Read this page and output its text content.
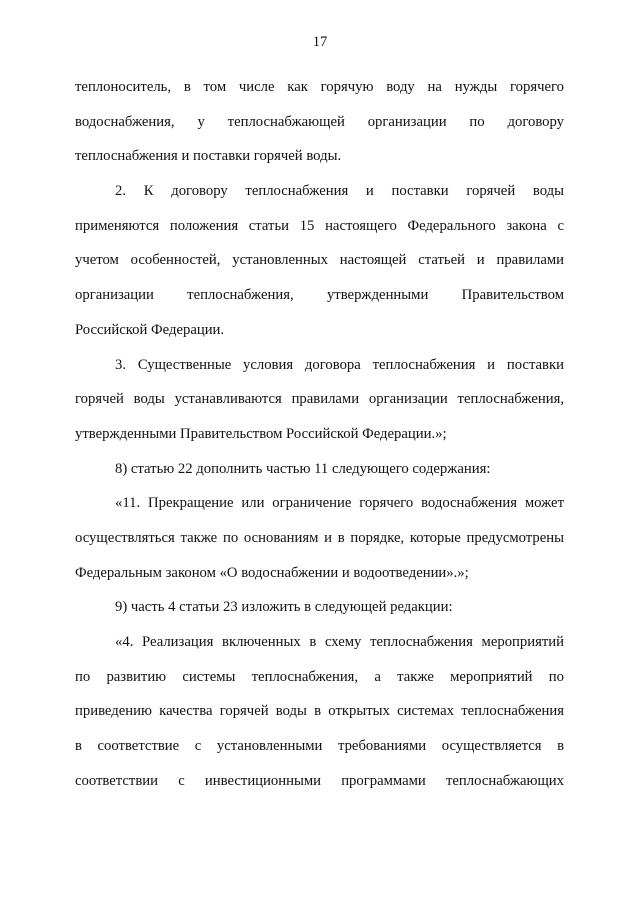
17
теплоноситель, в том числе как горячую воду на нужды горячего
водоснабжения, у теплоснабжающей организации по договору
теплоснабжения и поставки горячей воды.
2. К договору теплоснабжения и поставки горячей воды
применяются положения статьи 15 настоящего Федерального закона с
учетом особенностей, установленных настоящей статьей и правилами
организации теплоснабжения, утвержденными Правительством
Российской Федерации.
3. Существенные условия договора теплоснабжения и поставки
горячей воды устанавливаются правилами организации теплоснабжения,
утвержденными Правительством Российской Федерации.»;
8) статью 22 дополнить частью 11 следующего содержания:
«11. Прекращение или ограничение горячего водоснабжения может
осуществляться также по основаниям и в порядке, которые предусмотрены
Федеральным законом «О водоснабжении и водоотведении».»;
9) часть 4 статьи 23 изложить в следующей редакции:
«4. Реализация включенных в схему теплоснабжения мероприятий
по развитию системы теплоснабжения, а также мероприятий по
приведению качества горячей воды в открытых системах теплоснабжения
в соответствие с установленными требованиями осуществляется в
соответствии с инвестиционными программами теплоснабжающих
